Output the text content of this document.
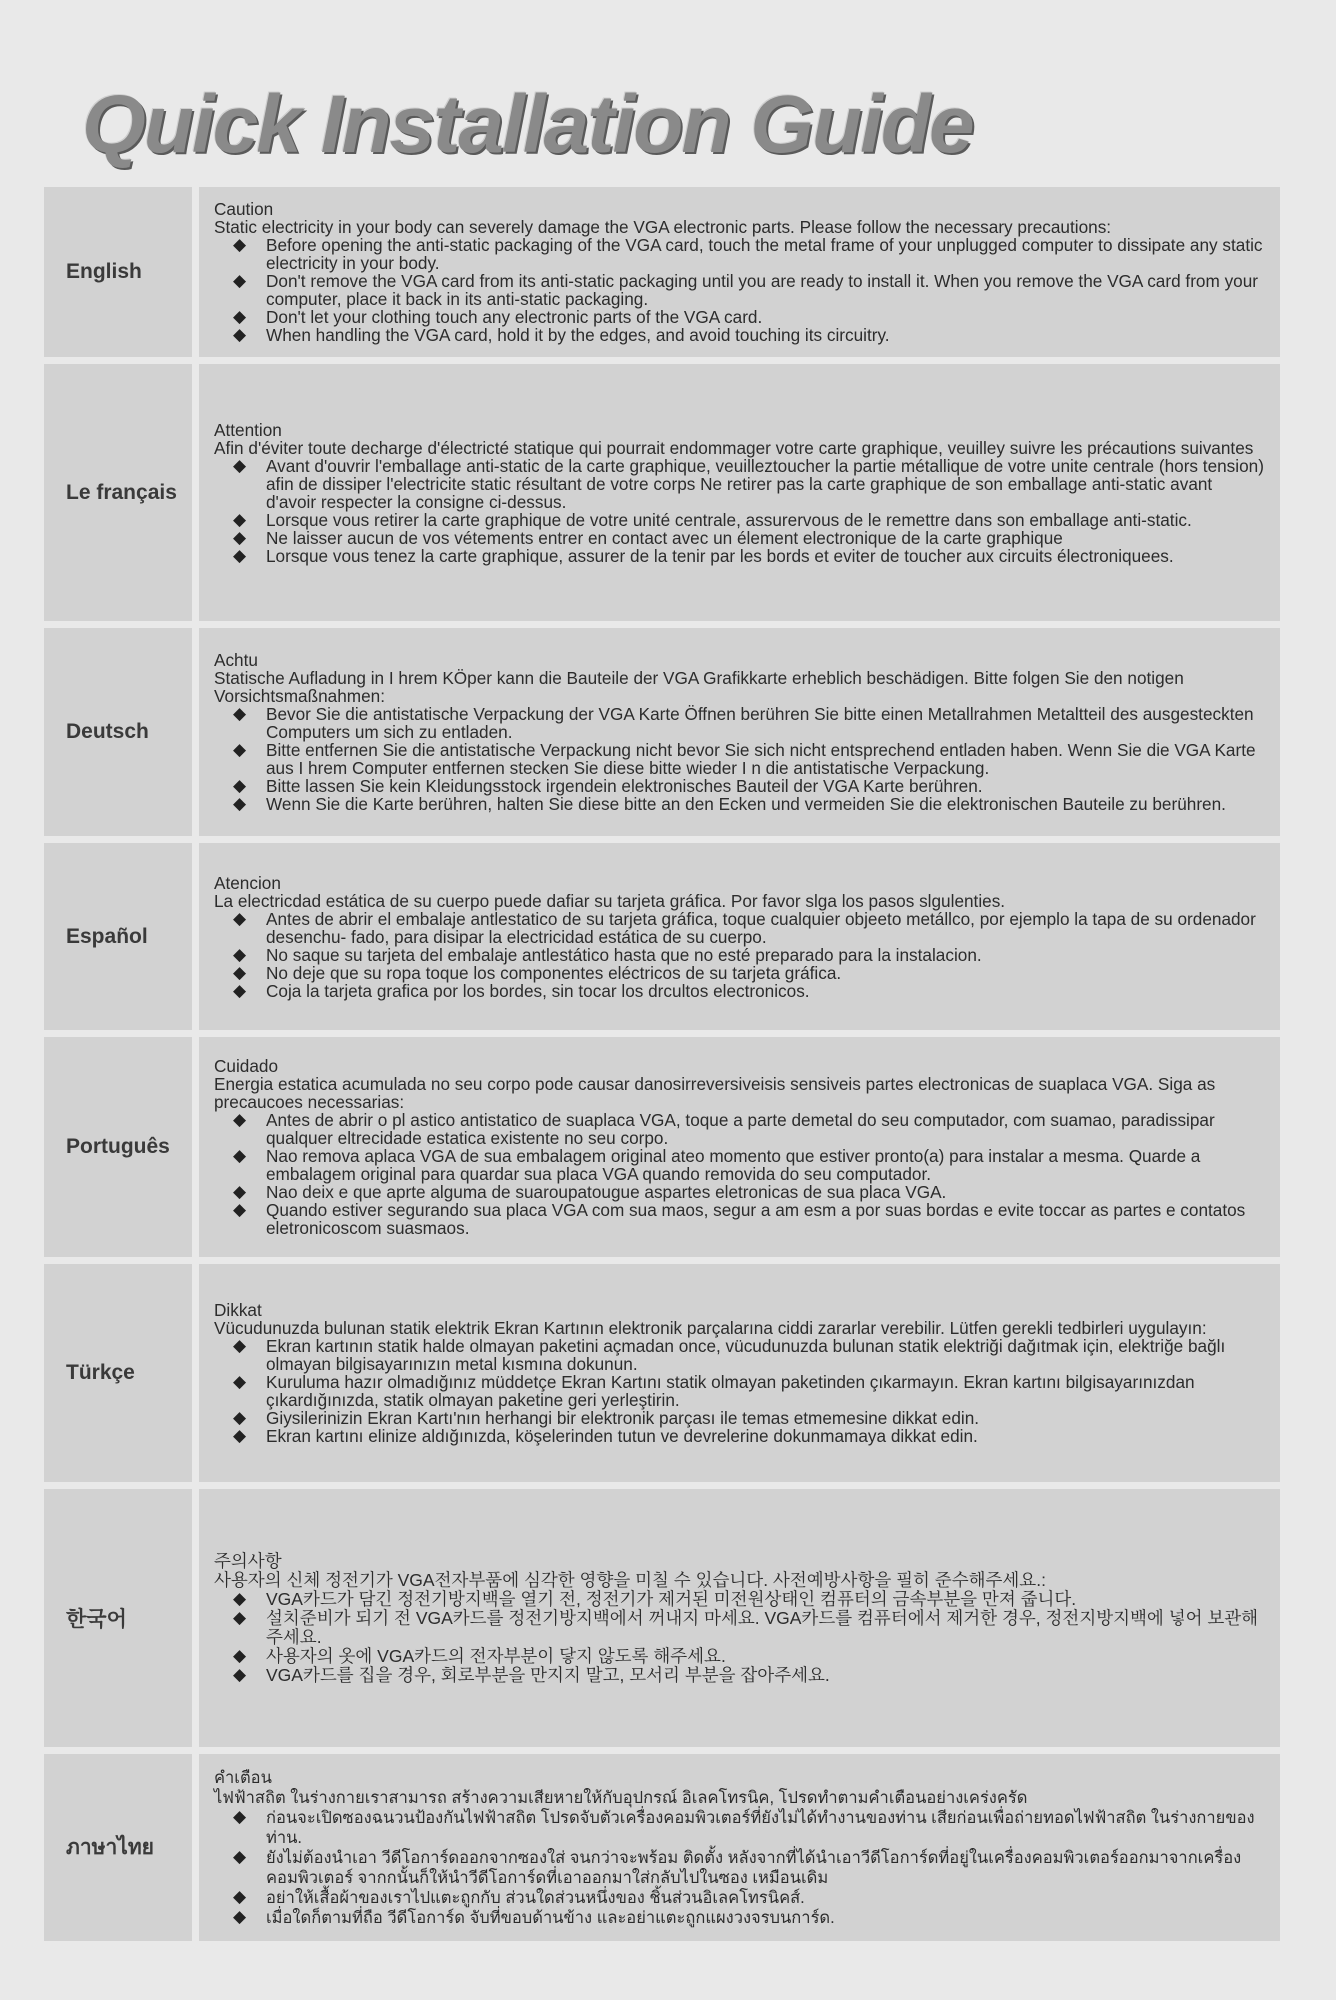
Quick Installation Guide
English

Caution

Static electricity in your body can severely damage the VGA electronic parts. Please follow the necessary precautions:

◆ Before opening the anti-static packaging of the VGA card, touch the metal frame of your unplugged computer to dissipate any static electricity in your body.
◆ Don't remove the VGA card from its anti-static packaging until you are ready to install it. When you remove the VGA card from your computer, place it back in its anti-static packaging.
◆ Don't let your clothing touch any electronic parts of the VGA card.
◆ When handling the VGA card, hold it by the edges, and avoid touching its circuitry.
Le français

Attention

Afin d'éviter toute decharge d'électricté statique qui pourrait endommager votre carte graphique, veuilley suivre les précautions suivantes

◆ Avant d'ouvrir l'emballage anti-static de la carte graphique, veuilleztoucher la partie métallique de votre unite centrale (hors tension) afin de dissiper l'electricite static résultant de votre corps Ne retirer pas la carte graphique de son emballage anti-static avant d'avoir respecter la consigne ci-dessus.
◆ Lorsque vous retirer la carte graphique de votre unité centrale, assurervous de le remettre dans son emballage anti-static.
◆ Ne laisser aucun de vos vétements entrer en contact avec un élement electronique de la carte graphique
◆ Lorsque vous tenez la carte graphique, assurer de la tenir par les bords et eviter de toucher aux circuits électroniquees.
Deutsch

Achtu

Statische Aufladung in I hrem KÖper kann die Bauteile der VGA Grafikkarte erheblich beschädigen. Bitte folgen Sie den notigen Vorsichtsmaßnahmen:

◆ Bevor Sie die antistatische Verpackung der VGA Karte Öffnen berühren Sie bitte einen Metallrahmen Metaltteil des ausgesteckten Computers um sich zu entladen.
◆ Bitte entfernen Sie die antistatische Verpackung nicht bevor Sie sich nicht entsprechend entladen haben. Wenn Sie die VGA Karte aus I hrem Computer entfernen stecken Sie diese bitte wieder I n die antistatische Verpackung.
◆ Bitte lassen Sie kein Kleidungsstock irgendein elektronisches Bauteil der VGA Karte berühren.
◆ Wenn Sie die Karte berühren, halten Sie diese bitte an den Ecken und vermeiden Sie die elektronischen Bauteile zu berühren.
Español

Atencion

La electricdad estática de su cuerpo puede dafiar su tarjeta gráfica. Por favor slga los pasos slgulenties.

◆ Antes de abrir el embalaje antlestatico de su tarjeta gráfica, toque cualquier objeeto metállco, por ejemplo la tapa de su ordenador desenchu- fado, para disipar la electricidad estática de su cuerpo.
◆ No saque su tarjeta del embalaje antlestático hasta que no esté preparado para la instalacion.
◆ No deje que su ropa toque los componentes eléctricos de su tarjeta gráfica.
◆ Coja la tarjeta grafica por los bordes, sin tocar los drcultos electronicos.
Português

Cuidado

Energia estatica acumulada no seu corpo pode causar danosirreversiveisis sensiveis partes electronicas de suaplaca VGA. Siga as precaucoes necessarias:

◆ Antes de abrir o pl astico antistatico de suaplaca VGA, toque a parte demetal do seu computador, com suamao, paradissipar qualquer eltrecidade estatica existente no seu corpo.
◆ Nao remova aplaca VGA de sua embalagem original ateo momento que estiver pronto(a) para instalar a mesma. Quarde a embalagem original para quardar sua placa VGA quando removida do seu computador.
◆ Nao deix e que aprte alguma de suaroupatougue aspartes eletronicas de sua placa VGA.
◆ Quando estiver segurando sua placa VGA com sua maos, segur a am esm a por suas bordas e evite toccar as partes e contatos eletronicoscom suasmaos.
Türkçe

Dikkat

Vücudunuzda bulunan statik elektrik Ekran Kartının elektronik parçalarına ciddi zararlar verebilir. Lütfen gerekli tedbirleri uygulayın:

◆ Ekran kartının statik halde olmayan paketini açmadan once, vücudunuzda bulunan statik elektriği dağıtmak için, elektriğe bağlı olmayan bilgisayarınızın metal kısmına dokunun.
◆ Kuruluma hazır olmadığınız müddetçe Ekran Kartını statik olmayan paketinden çıkarmayın. Ekran kartını bilgisayarınızdan çıkardığınızda, statik olmayan paketine geri yerleştirin.
◆ Giysilerinizin Ekran Kartı'nın herhangi bir elektronik parçası ile temas etmemesine dikkat edin.
◆ Ekran kartını elinize aldığınızda, köşelerinden tutun ve devrelerine dokunmamaya dikkat edin.
한국어

주의사항

사용자의 신체 정전기가 VGA전자부품에 심각한 영향을 미칠 수 있습니다. 사전예방사항을 필히 준수해주세요.:

◆ VGA카드가 담긴 정전기방지백을 열기 전, 정전기가 제거된 미전원상태인 컴퓨터의 금속부분을 만져 줍니다.
◆ 설치준비가 되기 전 VGA카드를 정전기방지백에서 꺼내지 마세요. VGA카드를 컴퓨터에서 제거한 경우, 정전지방지백에 넣어 보관해주세요.
◆ 사용자의 옷에 VGA카드의 전자부분이 닿지 않도록 해주세요.
◆ VGA카드를 집을 경우, 회로부분을 만지지 말고, 모서리 부분을 잡아주세요.
ภาษาไทย

คำเตือน

ไฟฟ้าสถิต ในร่างกายเราสามารถ สร้างความเสียหายให้กับอุปกรณ์ อิเลคโทรนิค, โปรดทำตามคำเตือนอย่างเคร่งครัด

◆ ก่อนจะเปิดซองฉนวนป้องกันไฟฟ้าสถิต โปรดจับตัวเครื่องคอมพิวเตอร์ที่ยังไม่ได้ทำงานของท่าน เสียก่อนเพื่อถ่ายทอดไฟฟ้าสถิต ในร่างกายของท่าน.
◆ ยังไม่ต้องนำเอา วีดีโอการ์ดออกจากซองใส่ จนกว่าจะพร้อม ติดตั้ง หลังจากที่ได้นำเอาวีดีโอการ์ดที่อยู่ในเครื่องคอมพิวเตอร์ออกมาจากเครื่องคอมพิวเตอร์ จากกนั้นก็ให้นำวีดีโอการ์ดที่เอาออกมาใส่กลับไปในซอง เหมือนเดิม
◆ อย่าให้เสื้อผ้าของเราไปแตะถูกกับ ส่วนใดส่วนหนึ่งของ ชิ้นส่วนอิเลคโทรนิคส์.
◆ เมื่อใดก็ตามที่ถือ วีดีโอการ์ด จับที่ขอบด้านข้าง และอย่าแตะถูกแผงวงจรบนการ์ด.
